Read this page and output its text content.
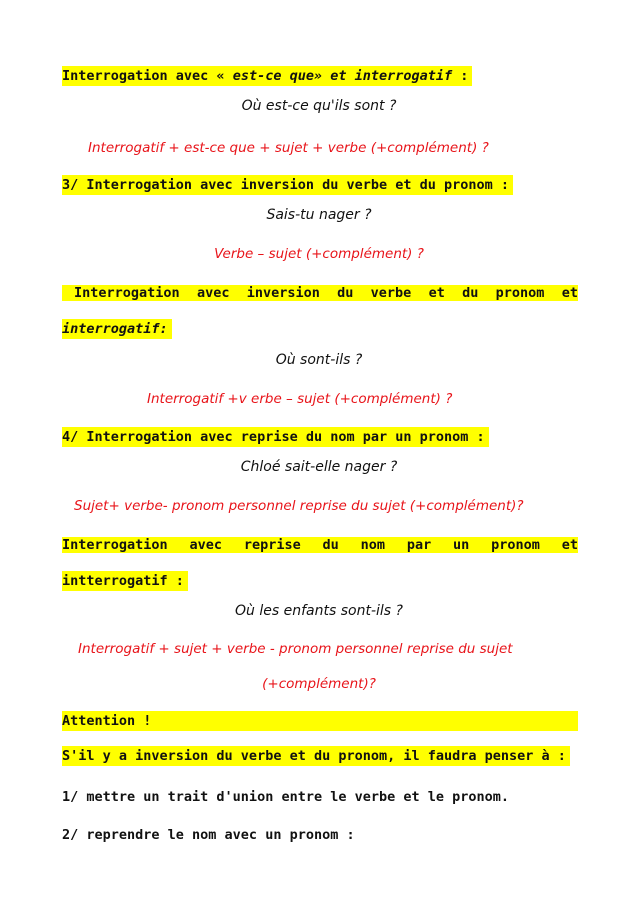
Interrogation avec « est-ce que» et interrogatif :
Où est-ce qu'ils sont ?
Interrogatif + est-ce que + sujet + verbe (+complément) ?
3/ Interrogation avec inversion du verbe et du pronom :
Sais-tu nager ?
Verbe – sujet (+complément) ?
Interrogation avec inversion du verbe et du pronom et
interrogatif:
Où sont-ils ?
Interrogatif +v erbe – sujet (+complément) ?
4/ Interrogation avec reprise du nom par un pronom :
Chloé sait-elle nager ?
Sujet+ verbe- pronom personnel reprise du sujet (+complément)?
Interrogation avec reprise du nom par un pronom et
intterrogatif :
Où les enfants sont-ils ?
Interrogatif + sujet + verbe - pronom personnel reprise du sujet
(+complément)?
Attention !
S'il y a inversion du verbe et du pronom, il faudra penser à :
1/ mettre un trait d'union entre le verbe et le pronom.
2/ reprendre le nom avec un pronom :
